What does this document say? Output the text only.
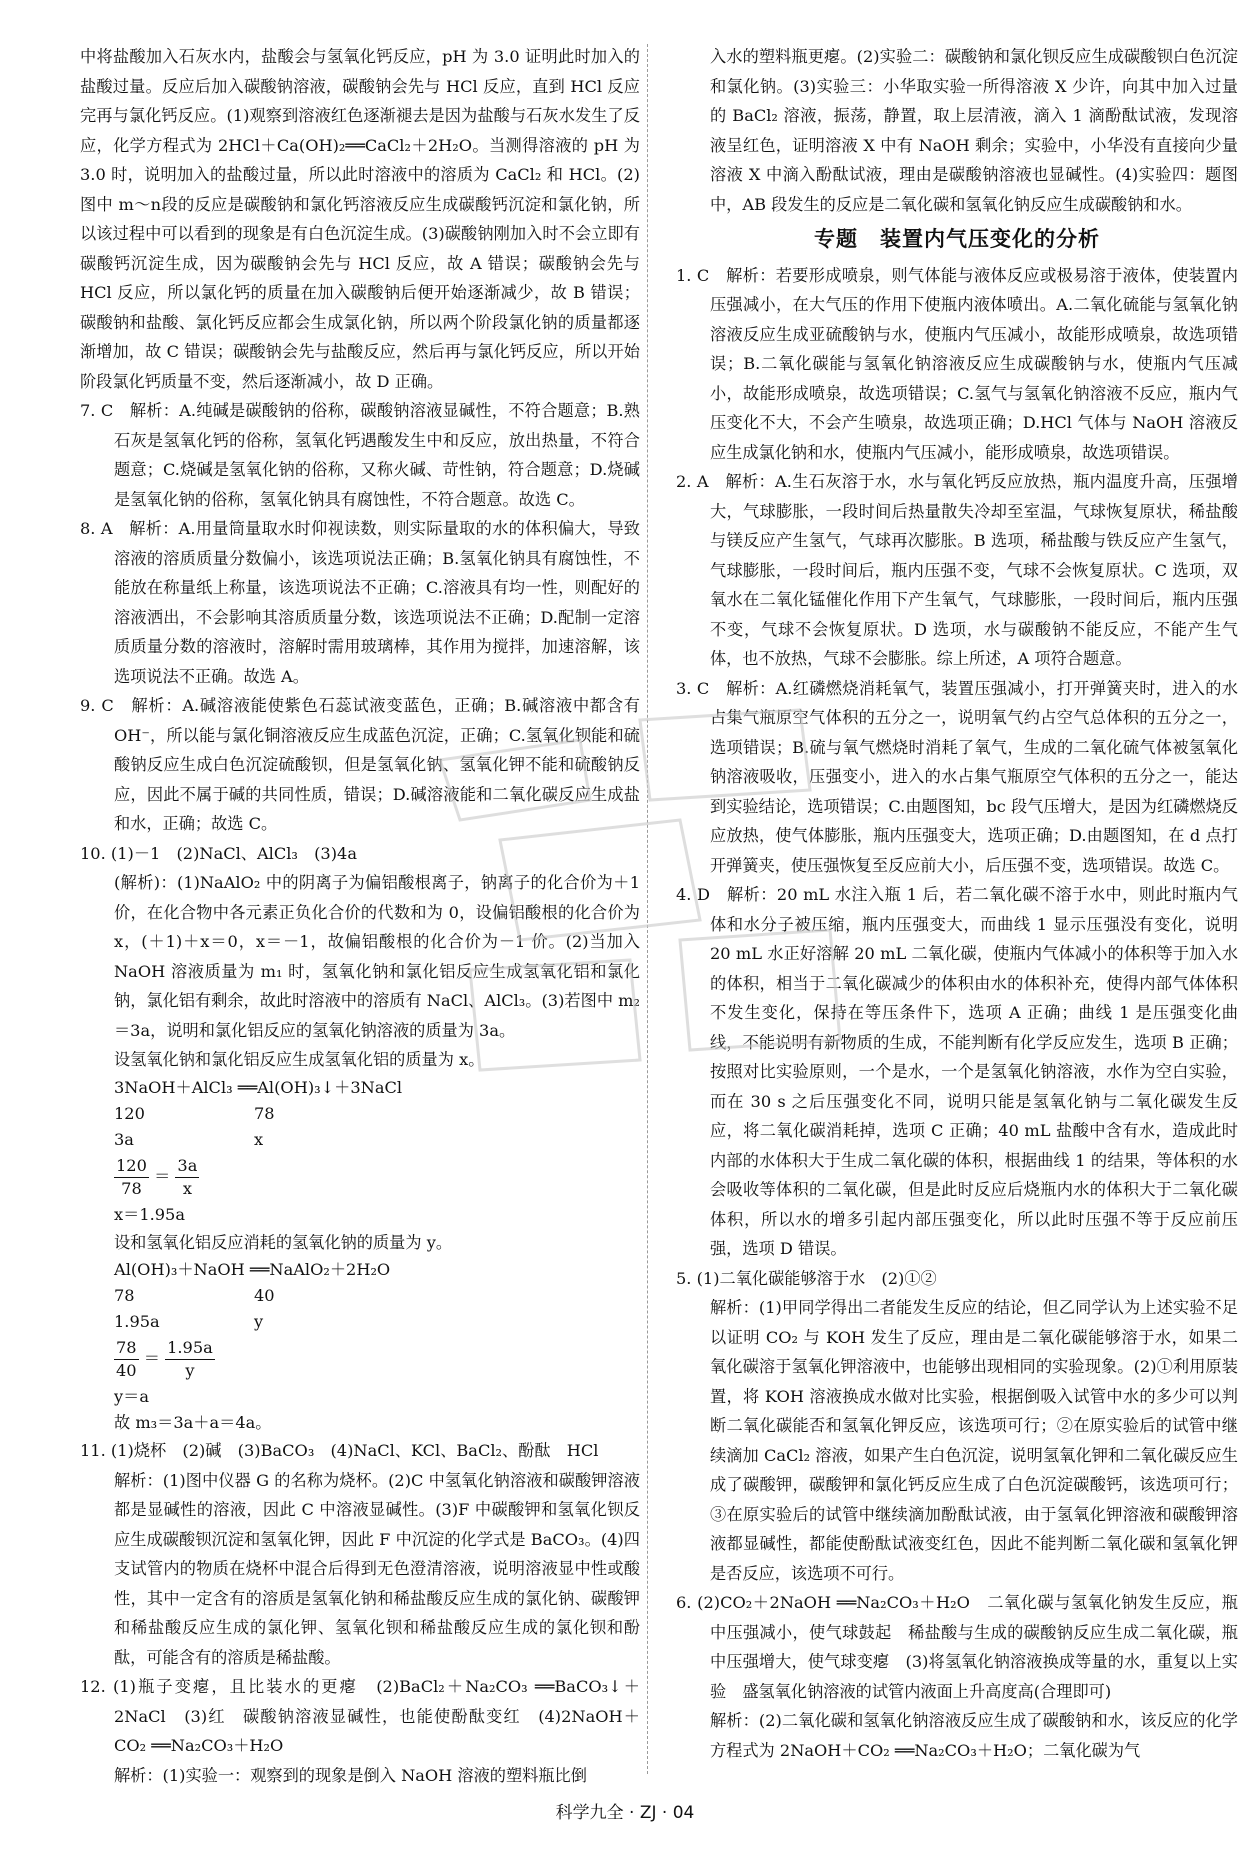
中将盐酸加入石灰水内，盐酸会与氢氧化钙反应，pH 为 3.0 证明此时加入的盐酸过量。反应后加入碳酸钠溶液，碳酸钠会先与 HCl 反应，直到 HCl 反应完再与氯化钙反应。(1)观察到溶液红色逐渐褪去是因为盐酸与石灰水发生了反应，化学方程式为 2HCl＋Ca(OH)₂══CaCl₂＋2H₂O。当测得溶液的 pH 为 3.0 时，说明加入的盐酸过量，所以此时溶液中的溶质为 CaCl₂ 和 HCl。(2)图中 m～n段的反应是碳酸钠和氯化钙溶液反应生成碳酸钙沉淀和氯化钠，所以该过程中可以看到的现象是有白色沉淀生成。(3)碳酸钠刚加入时不会立即有碳酸钙沉淀生成，因为碳酸钠会先与 HCl 反应，故 A 错误；碳酸钠会先与 HCl 反应，所以氯化钙的质量在加入碳酸钠后便开始逐渐减少，故 B 错误；碳酸钠和盐酸、氯化钙反应都会生成氯化钠，所以两个阶段氯化钠的质量都逐渐增加，故 C 错误；碳酸钠会先与盐酸反应，然后再与氯化钙反应，所以开始阶段氯化钙质量不变，然后逐渐减小，故 D 正确。

7. C　解析：A.纯碱是碳酸钠的俗称，碳酸钠溶液显碱性，不符合题意；B.熟石灰是氢氧化钙的俗称，氢氧化钙遇酸发生中和反应，放出热量，不符合题意；C.烧碱是氢氧化钠的俗称，又称火碱、苛性钠，符合题意；D.烧碱是氢氧化钠的俗称，氢氧化钠具有腐蚀性，不符合题意。故选 C。

8. A　解析：A.用量筒量取水时仰视读数，则实际量取的水的体积偏大，导致溶液的溶质质量分数偏小，该选项说法正确；B.氢氧化钠具有腐蚀性，不能放在称量纸上称量，该选项说法不正确；C.溶液具有均一性，则配好的溶液洒出，不会影响其溶质质量分数，该选项说法不正确；D.配制一定溶质质量分数的溶液时，溶解时需用玻璃棒，其作用为搅拌，加速溶解，该选项说法不正确。故选 A。

9. C　解析：A.碱溶液能使紫色石蕊试液变蓝色，正确；B.碱溶液中都含有 OH⁻，所以能与氯化铜溶液反应生成蓝色沉淀，正确；C.氢氧化钡能和硫酸钠反应生成白色沉淀硫酸钡，但是氢氧化钠、氢氧化钾不能和硫酸钠反应，因此不属于碱的共同性质，错误；D.碱溶液能和二氧化碳反应生成盐和水，正确；故选 C。

10. (1)－1　(2)NaCl、AlCl₃　(3)4a

(解析)：(1)NaAlO₂ 中的阴离子为偏铝酸根离子，钠离子的化合价为＋1 价，在化合物中各元素正负化合价的代数和为 0，设偏铝酸根的化合价为 x，(＋1)＋x＝0，x＝－1，故偏铝酸根的化合价为－1 价。(2)当加入 NaOH 溶液质量为 m₁ 时，氢氧化钠和氯化铝反应生成氢氧化铝和氯化钠，氯化铝有剩余，故此时溶液中的溶质有 NaCl、AlCl₃。(3)若图中 m₂＝3a，说明和氯化铝反应的氢氧化钠溶液的质量为 3a。

设氢氧化钠和氯化铝反应生成氢氧化铝的质量为 x。

3NaOH＋AlCl₃ ══Al(OH)₃↓＋3NaCl
120	78
3a	x
$\frac{120}{78} = \frac{3a}{x}$
x＝1.95a

设和氢氧化铝反应消耗的氢氧化钠的质量为 y。

Al(OH)₃＋NaOH ══NaAlO₂＋2H₂O
78	40
1.95a	y
$\frac{78}{40} = \frac{1.95a}{y}$
y＝a
故 m₃＝3a＋a＝4a。

11. (1)烧杯　(2)碱　(3)BaCO₃　(4)NaCl、KCl、BaCl₂、酚酞　HCl

解析：(1)图中仪器 G 的名称为烧杯。(2)C 中氢氧化钠溶液和碳酸钾溶液都是显碱性的溶液，因此 C 中溶液显碱性。(3)F 中碳酸钾和氢氧化钡反应生成碳酸钡沉淀和氢氧化钾，因此 F 中沉淀的化学式是 BaCO₃。(4)四支试管内的物质在烧杯中混合后得到无色澄清溶液，说明溶液显中性或酸性，其中一定含有的溶质是氢氧化钠和稀盐酸反应生成的氯化钠、碳酸钾和稀盐酸反应生成的氯化钾、氢氧化钡和稀盐酸反应生成的氯化钡和酚酞，可能含有的溶质是稀盐酸。

12. (1)瓶子变瘪，且比装水的更瘪　(2)BaCl₂＋Na₂CO₃ ══BaCO₃↓＋2NaCl　(3)红　碳酸钠溶液显碱性，也能使酚酞变红　(4)2NaOH＋CO₂ ══Na₂CO₃＋H₂O

解析：(1)实验一：观察到的现象是倒入 NaOH 溶液的塑料瓶比倒

入水的塑料瓶更瘪。(2)实验二：碳酸钠和氯化钡反应生成碳酸钡白色沉淀和氯化钠。(3)实验三：小华取实验一所得溶液 X 少许，向其中加入过量的 BaCl₂ 溶液，振荡，静置，取上层清液，滴入 1 滴酚酞试液，发现溶液呈红色，证明溶液 X 中有 NaOH 剩余；实验中，小华没有直接向少量溶液 X 中滴入酚酞试液，理由是碳酸钠溶液也显碱性。(4)实验四：题图中，AB 段发生的反应是二氧化碳和氢氧化钠反应生成碳酸钠和水。

专题　装置内气压变化的分析

1. C　解析：若要形成喷泉，则气体能与液体反应或极易溶于液体，使装置内压强减小，在大气压的作用下使瓶内液体喷出。A.二氧化硫能与氢氧化钠溶液反应生成亚硫酸钠与水，使瓶内气压减小，故能形成喷泉，故选项错误；B.二氧化碳能与氢氧化钠溶液反应生成碳酸钠与水，使瓶内气压减小，故能形成喷泉，故选项错误；C.氢气与氢氧化钠溶液不反应，瓶内气压变化不大，不会产生喷泉，故选项正确；D.HCl 气体与 NaOH 溶液反应生成氯化钠和水，使瓶内气压减小，能形成喷泉，故选项错误。

2. A　解析：A.生石灰溶于水，水与氧化钙反应放热，瓶内温度升高，压强增大，气球膨胀，一段时间后热量散失冷却至室温，气球恢复原状，稀盐酸与镁反应产生氢气，气球再次膨胀。B 选项，稀盐酸与铁反应产生氢气，气球膨胀，一段时间后，瓶内压强不变，气球不会恢复原状。C 选项，双氧水在二氧化锰催化作用下产生氧气，气球膨胀，一段时间后，瓶内压强不变，气球不会恢复原状。D 选项，水与碳酸钠不能反应，不能产生气体，也不放热，气球不会膨胀。综上所述，A 项符合题意。

3. C　解析：A.红磷燃烧消耗氧气，装置压强减小，打开弹簧夹时，进入的水占集气瓶原空气体积的五分之一，说明氧气约占空气总体积的五分之一，选项错误；B.硫与氧气燃烧时消耗了氧气，生成的二氧化硫气体被氢氧化钠溶液吸收，压强变小，进入的水占集气瓶原空气体积的五分之一，能达到实验结论，选项错误；C.由题图知，bc 段气压增大，是因为红磷燃烧反应放热，使气体膨胀，瓶内压强变大，选项正确；D.由题图知，在 d 点打开弹簧夹，使压强恢复至反应前大小，后压强不变，选项错误。故选 C。

4. D　解析：20 mL 水注入瓶 1 后，若二氧化碳不溶于水中，则此时瓶内气体和水分子被压缩，瓶内压强变大，而曲线 1 显示压强没有变化，说明 20 mL 水正好溶解 20 mL 二氧化碳，使瓶内气体减小的体积等于加入水的体积，相当于二氧化碳减少的体积由水的体积补充，使得内部气体体积不发生变化，保持在等压条件下，选项 A 正确；曲线 1 是压强变化曲线，不能说明有新物质的生成，不能判断有化学反应发生，选项 B 正确；按照对比实验原则，一个是水，一个是氢氧化钠溶液，水作为空白实验，而在 30 s 之后压强变化不同，说明只能是氢氧化钠与二氧化碳发生反应，将二氧化碳消耗掉，选项 C 正确；40 mL 盐酸中含有水，造成此时内部的水体积大于生成二氧化碳的体积，根据曲线 1 的结果，等体积的水会吸收等体积的二氧化碳，但是此时反应后烧瓶内水的体积大于二氧化碳体积，所以水的增多引起内部压强变化，所以此时压强不等于反应前压强，选项 D 错误。

5. (1)二氧化碳能够溶于水　(2)①②

解析：(1)甲同学得出二者能发生反应的结论，但乙同学认为上述实验不足以证明 CO₂ 与 KOH 发生了反应，理由是二氧化碳能够溶于水，如果二氧化碳溶于氢氧化钾溶液中，也能够出现相同的实验现象。(2)①利用原装置，将 KOH 溶液换成水做对比实验，根据倒吸入试管中水的多少可以判断二氧化碳能否和氢氧化钾反应，该选项可行；②在原实验后的试管中继续滴加 CaCl₂ 溶液，如果产生白色沉淀，说明氢氧化钾和二氧化碳反应生成了碳酸钾，碳酸钾和氯化钙反应生成了白色沉淀碳酸钙，该选项可行；③在原实验后的试管中继续滴加酚酞试液，由于氢氧化钾溶液和碳酸钾溶液都显碱性，都能使酚酞试液变红色，因此不能判断二氧化碳和氢氧化钾是否反应，该选项不可行。

6. (2)CO₂＋2NaOH ══Na₂CO₃＋H₂O　二氧化碳与氢氧化钠发生反应，瓶中压强减小，使气球鼓起　稀盐酸与生成的碳酸钠反应生成二氧化碳，瓶中压强增大，使气球变瘪　(3)将氢氧化钠溶液换成等量的水，重复以上实验　盛氢氧化钠溶液的试管内液面上升高度高(合理即可)

解析：(2)二氧化碳和氢氧化钠溶液反应生成了碳酸钠和水，该反应的化学方程式为 2NaOH＋CO₂ ══Na₂CO₃＋H₂O；二氧化碳为气

科学九全 · ZJ · 04
